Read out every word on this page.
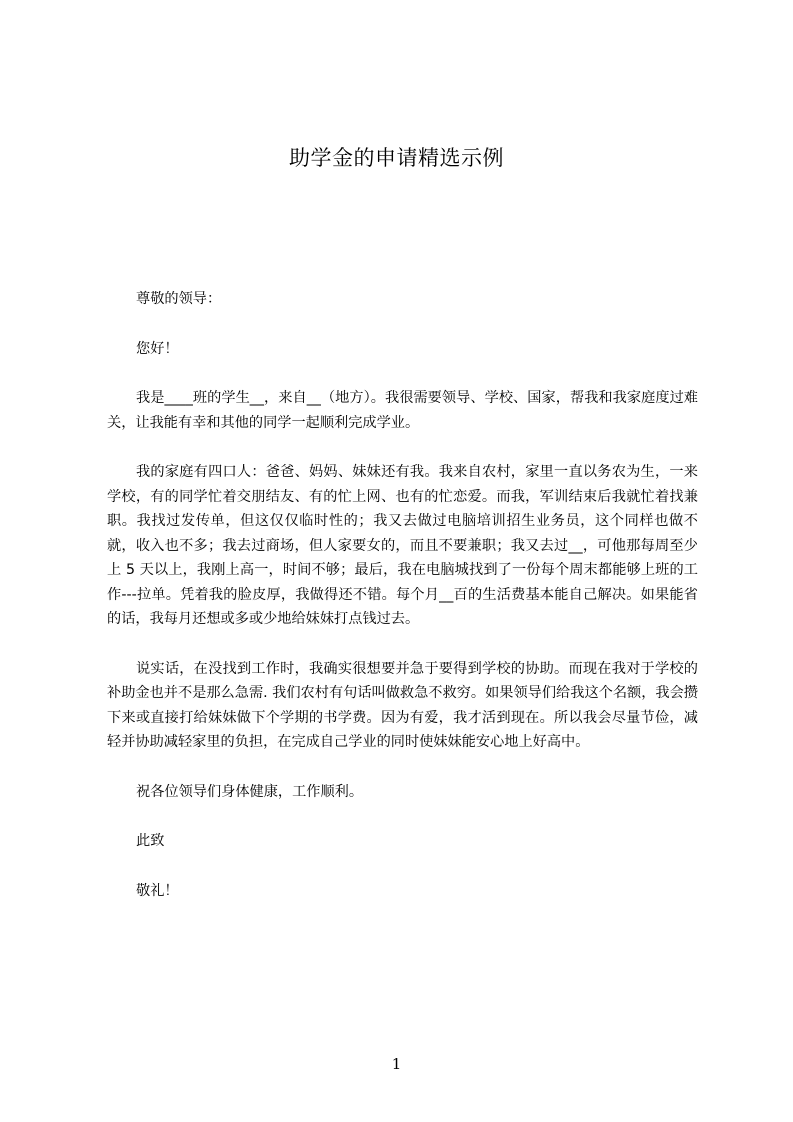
助学金的申请精选示例

尊敬的领导：

您好！

我是____班的学生__，来自__（地方）。我很需要领导、学校、国家，帮我和我家庭度过难关，让我能有幸和其他的同学一起顺利完成学业。

我的家庭有四口人：爸爸、妈妈、妹妹还有我。我来自农村，家里一直以务农为生，一来学校，有的同学忙着交朋结友、有的忙上网、也有的忙恋爱。而我，军训结束后我就忙着找兼职。我找过发传单，但这仅仅临时性的；我又去做过电脑培训招生业务员，这个同样也做不就，收入也不多；我去过商场，但人家要女的，而且不要兼职；我又去过__，可他那每周至少上 5 天以上，我刚上高一，时间不够；最后，我在电脑城找到了一份每个周末都能够上班的工作---拉单。凭着我的脸皮厚，我做得还不错。每个月__百的生活费基本能自己解决。如果能省的话，我每月还想或多或少地给妹妹打点钱过去。

说实话，在没找到工作时，我确实很想要并急于要得到学校的协助。而现在我对于学校的补助金也并不是那么急需. 我们农村有句话叫做救急不救穷。如果领导们给我这个名额，我会攒下来或直接打给妹妹做下个学期的书学费。因为有爱，我才活到现在。所以我会尽量节俭，减轻并协助减轻家里的负担，在完成自己学业的同时使妹妹能安心地上好高中。

祝各位领导们身体健康，工作顺利。

此致

敬礼！

1
